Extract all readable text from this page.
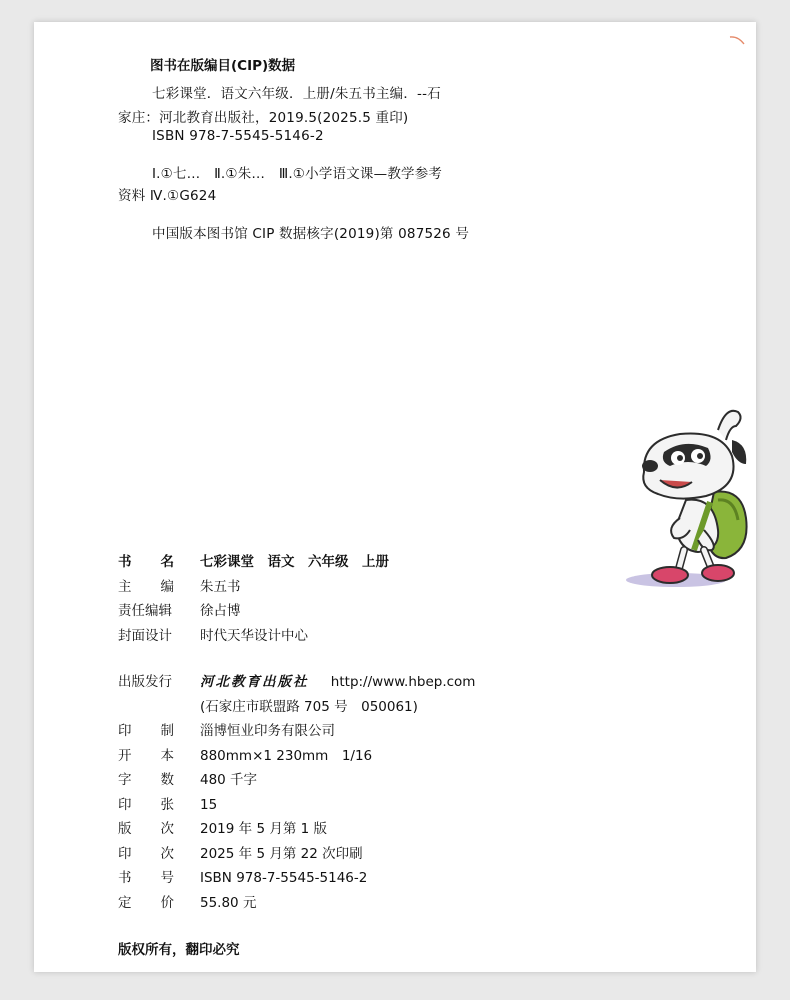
图书在版编目(CIP)数据
七彩课堂．语文六年级．上册/朱五书主编．--石
家庄：河北教育出版社，2019.5(2025.5 重印)
ISBN 978-7-5545-5146-2
Ⅰ.①七…　Ⅱ.①朱…　Ⅲ.①小学语文课—教学参考
资料 Ⅳ.①G624
中国版本图书馆 CIP 数据核字(2019)第 087526 号
书 名 七彩课堂　语文　六年级　上册
主 编 朱五书
责任编辑 徐占博
封面设计 时代天华设计中心
出版发行 河北教育出版社 http://www.hbep.com
(石家庄市联盟路 705 号　050061)
印 制 淄博恒业印务有限公司
开 本 880mm×1 230mm　1/16
字 数 480 千字
印 张 15
版 次 2019 年 5 月第 1 版
印 次 2025 年 5 月第 22 次印刷
书 号 ISBN 978-7-5545-5146-2
定 价 55.80 元
版权所有，翻印必究
